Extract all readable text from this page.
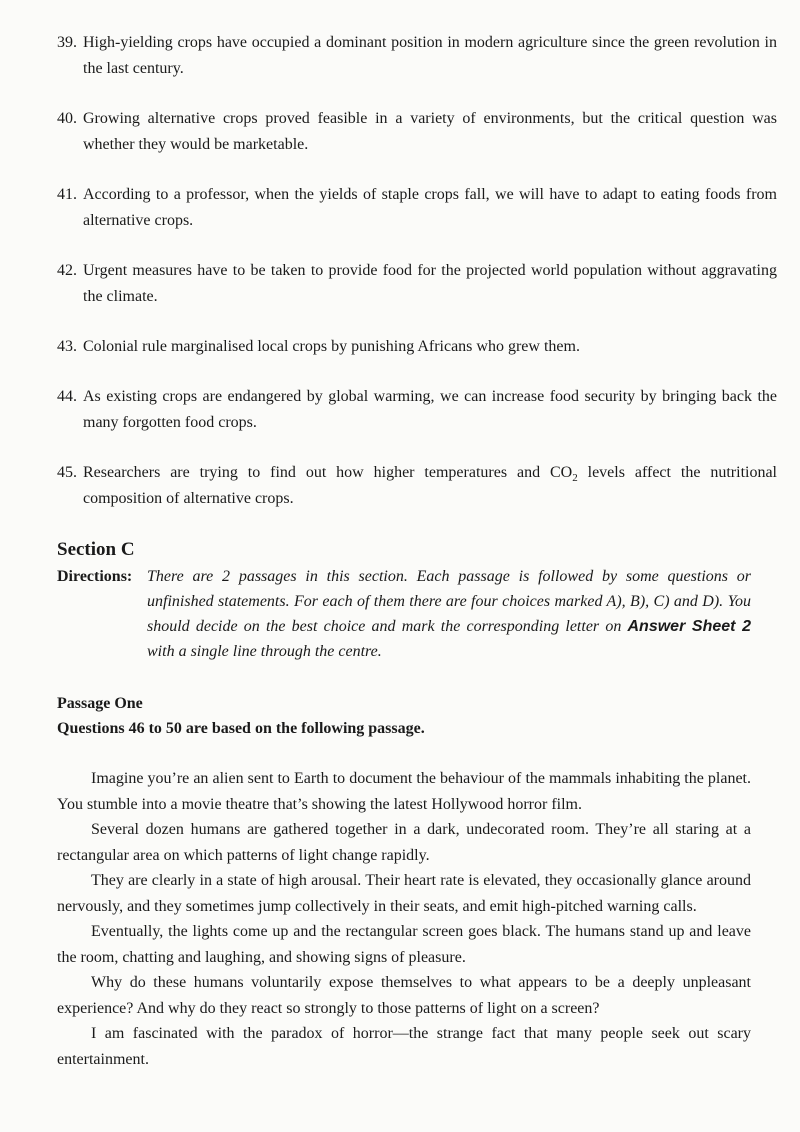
39. High-yielding crops have occupied a dominant position in modern agriculture since the green revolution in the last century.
40. Growing alternative crops proved feasible in a variety of environments, but the critical question was whether they would be marketable.
41. According to a professor, when the yields of staple crops fall, we will have to adapt to eating foods from alternative crops.
42. Urgent measures have to be taken to provide food for the projected world population without aggravating the climate.
43. Colonial rule marginalised local crops by punishing Africans who grew them.
44. As existing crops are endangered by global warming, we can increase food security by bringing back the many forgotten food crops.
45. Researchers are trying to find out how higher temperatures and $CO_2$ levels affect the nutritional composition of alternative crops.
Section C
Directions: There are 2 passages in this section. Each passage is followed by some questions or unfinished statements. For each of them there are four choices marked A), B), C) and D). You should decide on the best choice and mark the corresponding letter on Answer Sheet 2 with a single line through the centre.
Passage One
Questions 46 to 50 are based on the following passage.

Imagine you’re an alien sent to Earth to document the behaviour of the mammals inhabiting the planet. You stumble into a movie theatre that’s showing the latest Hollywood horror film.

Several dozen humans are gathered together in a dark, undecorated room. They’re all staring at a rectangular area on which patterns of light change rapidly.

They are clearly in a state of high arousal. Their heart rate is elevated, they occasionally glance around nervously, and they sometimes jump collectively in their seats, and emit high-pitched warning calls.

Eventually, the lights come up and the rectangular screen goes black. The humans stand up and leave the room, chatting and laughing, and showing signs of pleasure.

Why do these humans voluntarily expose themselves to what appears to be a deeply unpleasant experience? And why do they react so strongly to those patterns of light on a screen?

I am fascinated with the paradox of horror—the strange fact that many people seek out scary entertainment.
